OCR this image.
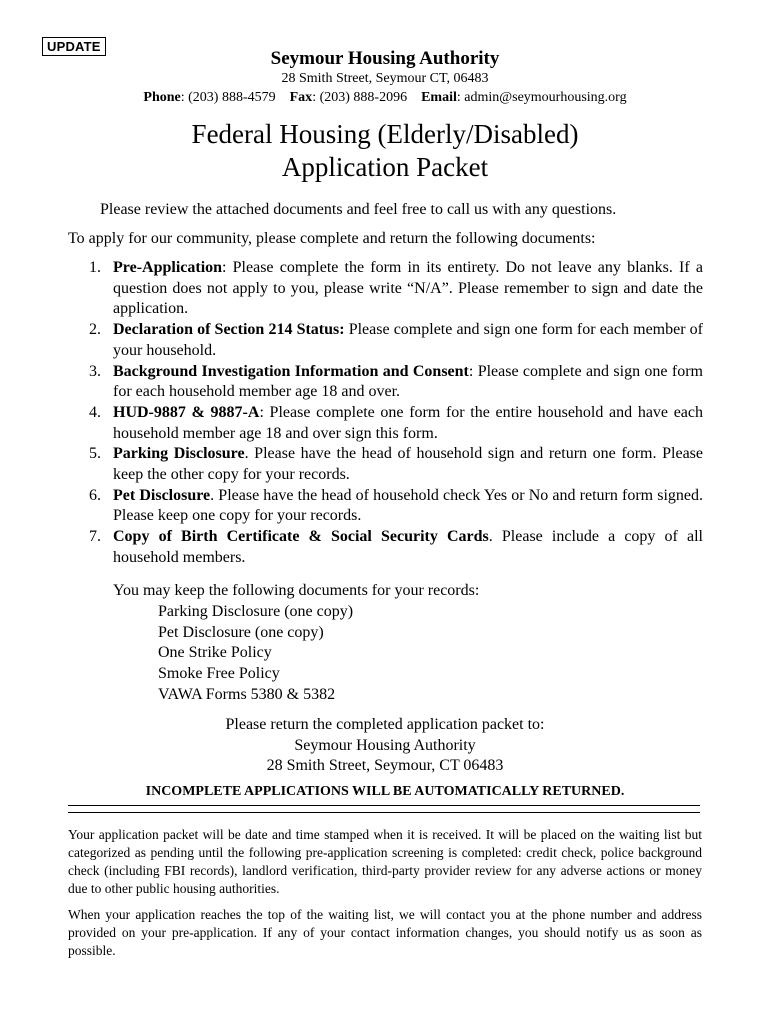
UPDATE
Seymour Housing Authority
28 Smith Street, Seymour CT, 06483
Phone: (203) 888-4579 Fax: (203) 888-2096 Email: admin@seymourhousing.org
Federal Housing (Elderly/Disabled)
Application Packet
Please review the attached documents and feel free to call us with any questions.
To apply for our community, please complete and return the following documents:
1. Pre-Application: Please complete the form in its entirety. Do not leave any blanks. If a question does not apply to you, please write “N/A”. Please remember to sign and date the application.
2. Declaration of Section 214 Status: Please complete and sign one form for each member of your household.
3. Background Investigation Information and Consent: Please complete and sign one form for each household member age 18 and over.
4. HUD-9887 & 9887-A: Please complete one form for the entire household and have each household member age 18 and over sign this form.
5. Parking Disclosure. Please have the head of household sign and return one form. Please keep the other copy for your records.
6. Pet Disclosure. Please have the head of household check Yes or No and return form signed. Please keep one copy for your records.
7. Copy of Birth Certificate & Social Security Cards. Please include a copy of all household members.
You may keep the following documents for your records:
Parking Disclosure (one copy)
Pet Disclosure (one copy)
One Strike Policy
Smoke Free Policy
VAWA Forms 5380 & 5382
Please return the completed application packet to:
Seymour Housing Authority
28 Smith Street, Seymour, CT 06483
INCOMPLETE APPLICATIONS WILL BE AUTOMATICALLY RETURNED.
Your application packet will be date and time stamped when it is received. It will be placed on the waiting list but categorized as pending until the following pre-application screening is completed: credit check, police background check (including FBI records), landlord verification, third-party provider review for any adverse actions or money due to other public housing authorities.
When your application reaches the top of the waiting list, we will contact you at the phone number and address provided on your pre-application. If any of your contact information changes, you should notify us as soon as possible.
